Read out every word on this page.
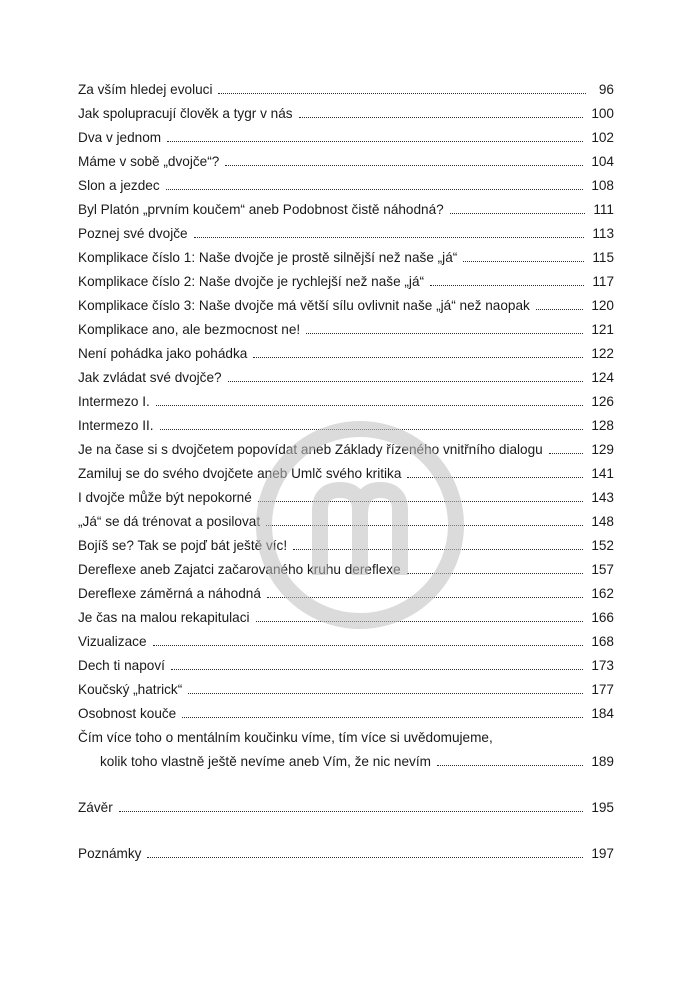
Za vším hledej evoluci	96
Jak spolupracují člověk a tygr v nás	100
Dva v jednom	102
Máme v sobě „dvojče“?	104
Slon a jezdec	108
Byl Platón „prvním koučem“ aneb Podobnost čistě náhodná?	111
Poznej své dvojče	113
Komplikace číslo 1: Naše dvojče je prostě silnější než naše „já“	115
Komplikace číslo 2: Naše dvojče je rychlejší než naše „já“	117
Komplikace číslo 3: Naše dvojče má větší sílu ovlivnit naše „já“ než naopak	120
Komplikace ano, ale bezmocnost ne!	121
Není pohádka jako pohádka	122
Jak zvládat své dvojče?	124
Intermezo I.	126
Intermezo II.	128
Je na čase si s dvojčetem popovídat aneb Základy řízeného vnitřního dialogu	129
Zamiluj se do svého dvojčete aneb Umlč svého kritika	141
I dvojče může být nepokorné	143
„Já“ se dá trénovat a posilovat	148
Bojíš se? Tak se pojď bát ještě víc!	152
Dereflexe aneb Zajatci začarovaného kruhu dereflexe	157
Dereflexe záměrná a náhodná	162
Je čas na malou rekapitulaci	166
Vizualizace	168
Dech ti napoví	173
Koučský „hatrick“	177
Osobnost kouče	184
Čím více toho o mentálním koučinku víme, tím více si uvědomujeme,
kolik toho vlastně ještě nevíme aneb Vím, že nic nevím	189
Závěr	195
Poznámky	197
